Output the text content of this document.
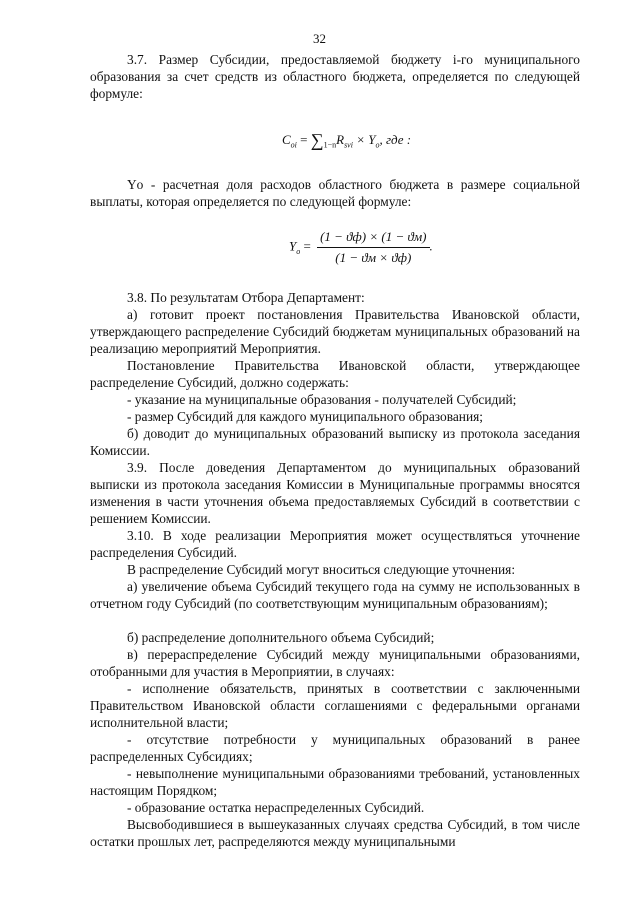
32

3.7. Размер Субсидии, предоставляемой бюджету i-го муниципального образования за счет средств из областного бюджета, определяется по следующей формуле:

$C_{oi} = \sum_{1-n}R_{svi} \times Y_o$, где :

Yо - расчетная доля расходов областного бюджета в размере социальной выплаты, которая определяется по следующей формуле:

$Y_o = \frac{(1 - ϑф) \times (1 - ϑм)}{(1 - ϑм \times ϑф)}$ .

3.8. По результатам Отбора Департамент:

а) готовит проект постановления Правительства Ивановской области, утверждающего распределение Субсидий бюджетам муниципальных образований на реализацию мероприятий Мероприятия.

Постановление Правительства Ивановской области, утверждающее распределение Субсидий, должно содержать:

- указание на муниципальные образования - получателей Субсидий;

- размер Субсидий для каждого муниципального образования;

б) доводит до муниципальных образований выписку из протокола заседания Комиссии.

3.9. После доведения Департаментом до муниципальных образований выписки из протокола заседания Комиссии в Муниципальные программы вносятся изменения в части уточнения объема предоставляемых Субсидий в соответствии с решением Комиссии.

3.10. В ходе реализации Мероприятия может осуществляться уточнение распределения Субсидий.

В распределение Субсидий могут вноситься следующие уточнения:

а) увеличение объема Субсидий текущего года на сумму не использованных в отчетном году Субсидий (по соответствующим муниципальным образованиям);

б) распределение дополнительного объема Субсидий;

в) перераспределение Субсидий между муниципальными образованиями, отобранными для участия в Мероприятии, в случаях:

- исполнение обязательств, принятых в соответствии с заключенными Правительством Ивановской области соглашениями с федеральными органами исполнительной власти;

- отсутствие потребности у муниципальных образований в ранее распределенных Субсидиях;

- невыполнение муниципальными образованиями требований, установленных настоящим Порядком;

- образование остатка нераспределенных Субсидий.

Высвободившиеся в вышеуказанных случаях средства Субсидий, в том числе остатки прошлых лет, распределяются между муниципальными
